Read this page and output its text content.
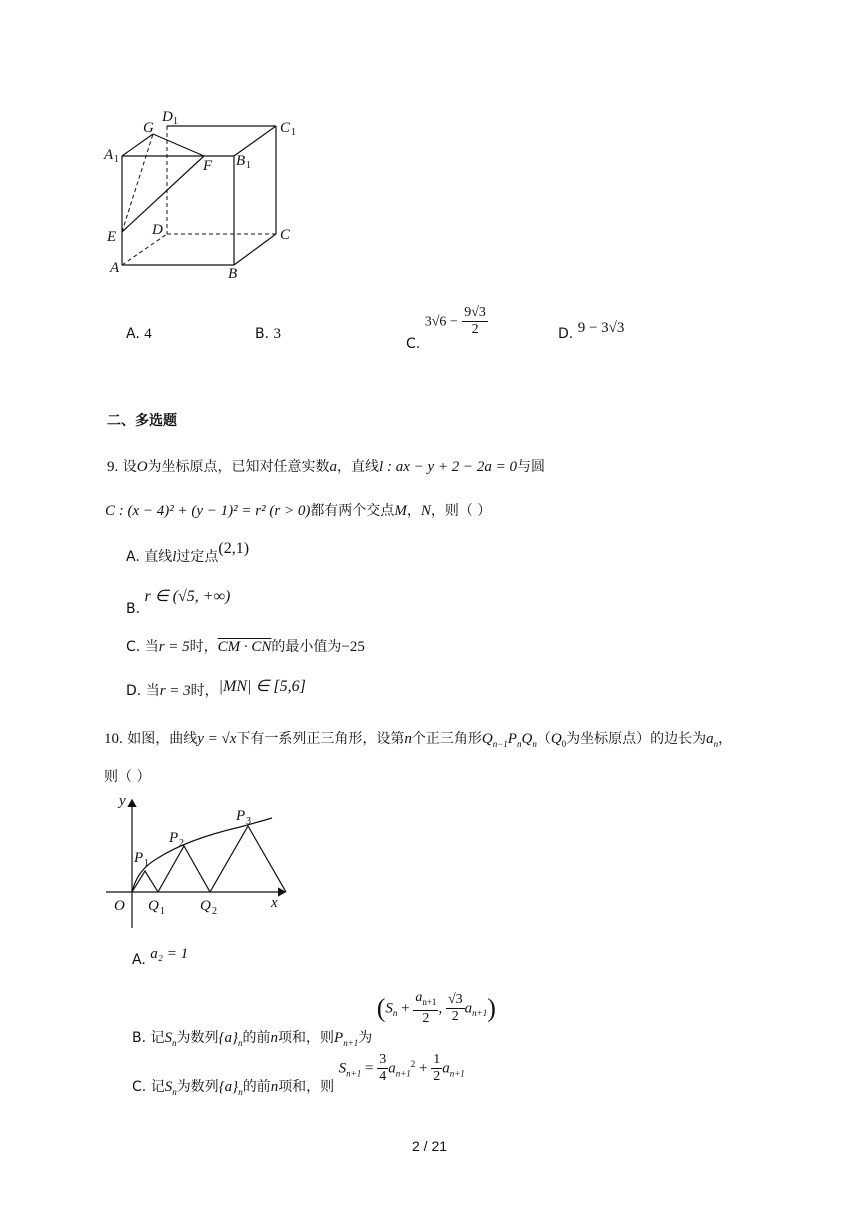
G
D 1	C 1
A 1	B 1
F
D	C
E
A	B
A. 4	B. 3
C. $3√6 - \frac{9√3}{2}$	D. 9 − 3√3
二、多选题
9. 设O为坐标原点，已知对任意实数a，直线l : ax − y + 2 − 2a = 0与圆
C : (x − 4)² + (y − 1)² = r² (r > 0)都有两个交点M，N，则（ ）
A. 直线l过定点(2,1)
B. r ∈ (√5, +∞)
C. 当r = 5时，CM · CN的最小值为−25
D. 当r = 3时，|MN| ∈ [5,6]
10. 如图，曲线y = √x下有一系列正三角形，设第n个正三角形$Q_{n-1}P_nQ_n(Q_0$为坐标原点）的边长为$a_n$，
则（ ）
y
x
O
P 1
P 2
P 3
Q 1 Q 2
A. a₂ = 1
B. 记$S_n$为数列$\{a\}_n$的前n项和，则$P_{n+1}$为 ($S_n + \frac{a_{n+1}}{2}$ , $\frac{√3}{2} a_{n+1}$)
C. 记$S_n$为数列$\{a\}_n$的前n项和，则 $S_{n+1} = \frac{3}{4} a_{n+1}^2 + \frac{1}{2} a_{n+1}$
2 / 21
